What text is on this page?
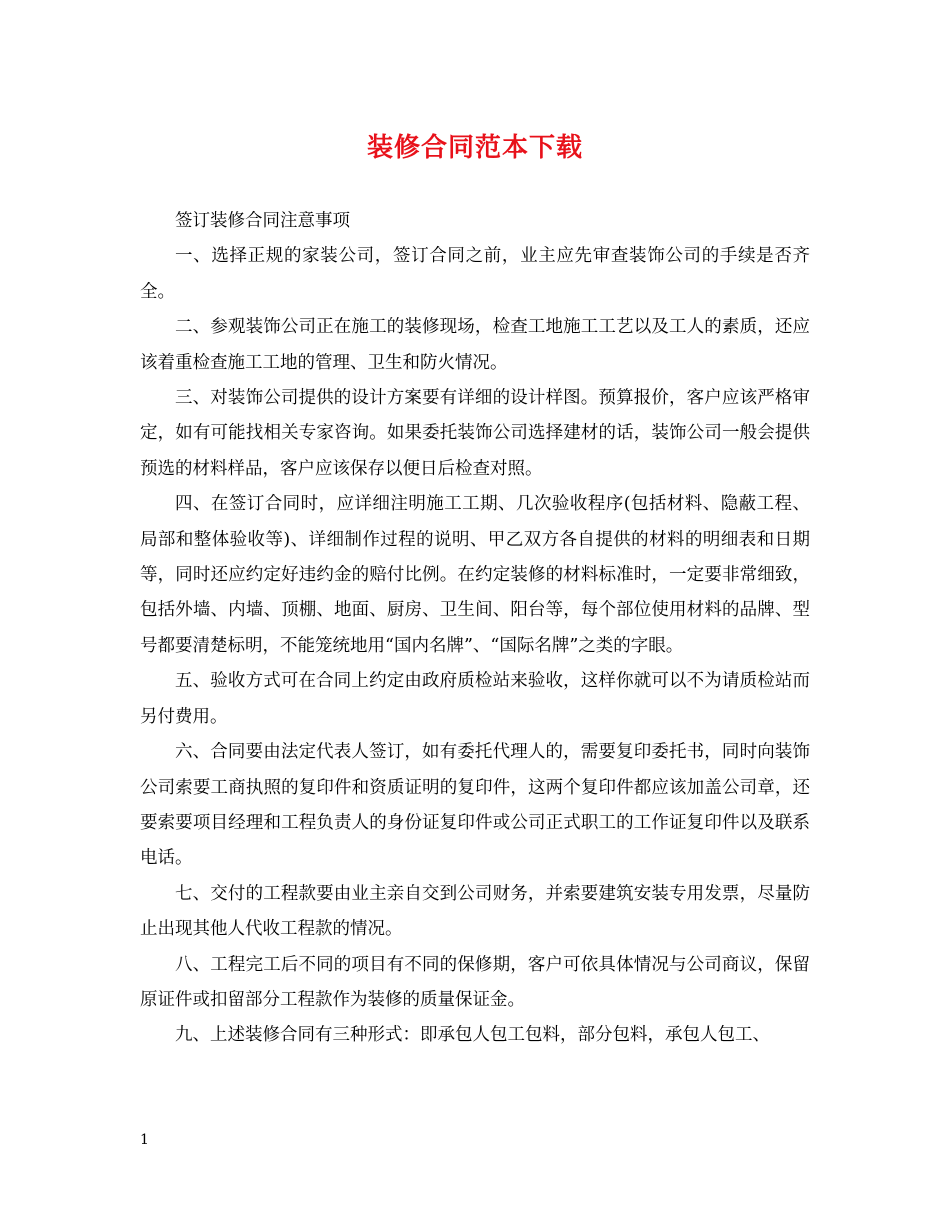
装修合同范本下载

签订装修合同注意事项

一、选择正规的家装公司，签订合同之前，业主应先审查装饰公司的手续是否齐全。

二、参观装饰公司正在施工的装修现场，检查工地施工工艺以及工人的素质，还应该着重检查施工工地的管理、卫生和防火情况。

三、对装饰公司提供的设计方案要有详细的设计样图。预算报价，客户应该严格审定，如有可能找相关专家咨询。如果委托装饰公司选择建材的话，装饰公司一般会提供预选的材料样品，客户应该保存以便日后检查对照。

四、在签订合同时，应详细注明施工工期、几次验收程序(包括材料、隐蔽工程、局部和整体验收等)、详细制作过程的说明、甲乙双方各自提供的材料的明细表和日期等，同时还应约定好违约金的赔付比例。在约定装修的材料标准时，一定要非常细致，包括外墙、内墙、顶棚、地面、厨房、卫生间、阳台等，每个部位使用材料的品牌、型号都要清楚标明，不能笼统地用“国内名牌”、“国际名牌”之类的字眼。

五、验收方式可在合同上约定由政府质检站来验收，这样你就可以不为请质检站而另付费用。

六、合同要由法定代表人签订，如有委托代理人的，需要复印委托书，同时向装饰公司索要工商执照的复印件和资质证明的复印件，这两个复印件都应该加盖公司章，还要索要项目经理和工程负责人的身份证复印件或公司正式职工的工作证复印件以及联系电话。

七、交付的工程款要由业主亲自交到公司财务，并索要建筑安装专用发票，尽量防止出现其他人代收工程款的情况。

八、工程完工后不同的项目有不同的保修期，客户可依具体情况与公司商议，保留原证件或扣留部分工程款作为装修的质量保证金。

九、上述装修合同有三种形式：即承包人包工包料，部分包料，承包人包工、

1
